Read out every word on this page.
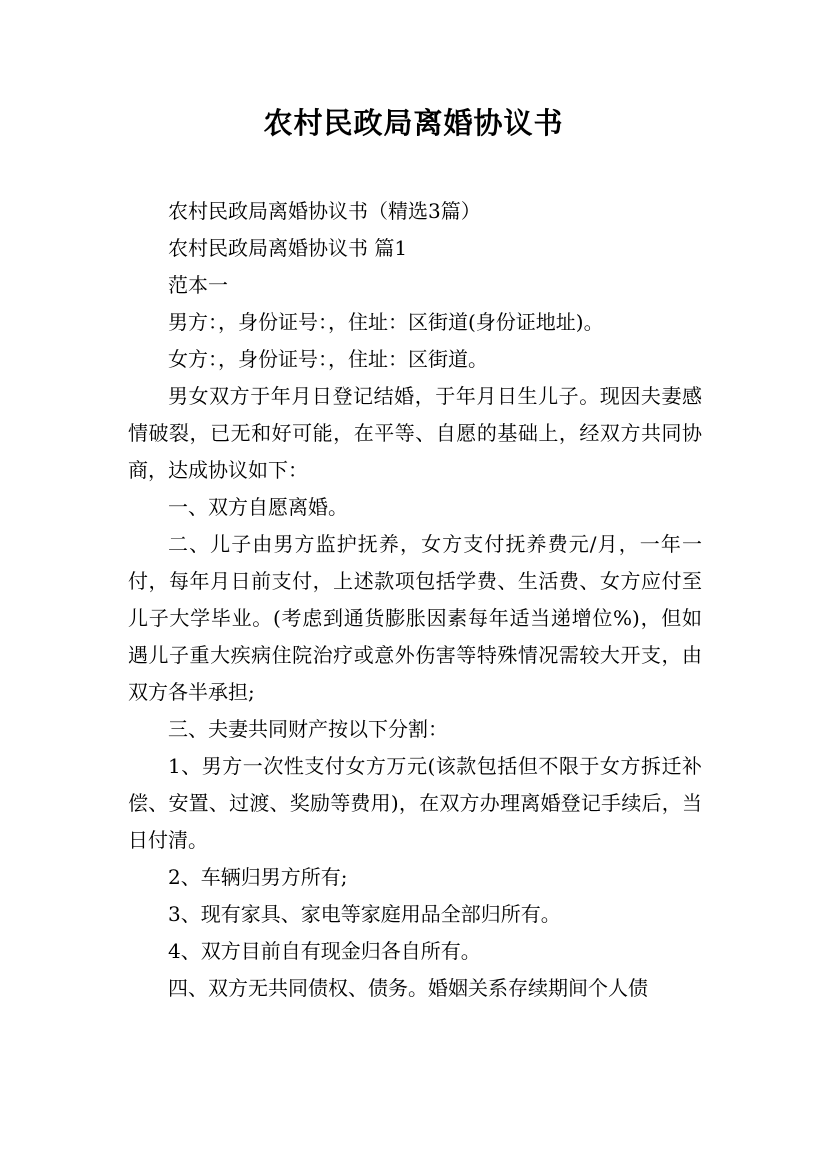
农村民政局离婚协议书

农村民政局离婚协议书（精选3篇）

农村民政局离婚协议书 篇1

范本一

男方：，身份证号：，住址：区街道(身份证地址)。

女方：，身份证号：，住址：区街道。

男女双方于年月日登记结婚，于年月日生儿子。现因夫妻感情破裂，已无和好可能，在平等、自愿的基础上，经双方共同协商，达成协议如下：

一、双方自愿离婚。

二、儿子由男方监护抚养，女方支付抚养费元/月，一年一付，每年月日前支付，上述款项包括学费、生活费、女方应付至儿子大学毕业。(考虑到通货膨胀因素每年适当递增位%)，但如遇儿子重大疾病住院治疗或意外伤害等特殊情况需较大开支，由双方各半承担;

三、夫妻共同财产按以下分割：

1、男方一次性支付女方万元(该款包括但不限于女方拆迁补偿、安置、过渡、奖励等费用)，在双方办理离婚登记手续后，当日付清。

2、车辆归男方所有;

3、现有家具、家电等家庭用品全部归所有。

4、双方目前自有现金归各自所有。

四、双方无共同债权、债务。婚姻关系存续期间个人债
